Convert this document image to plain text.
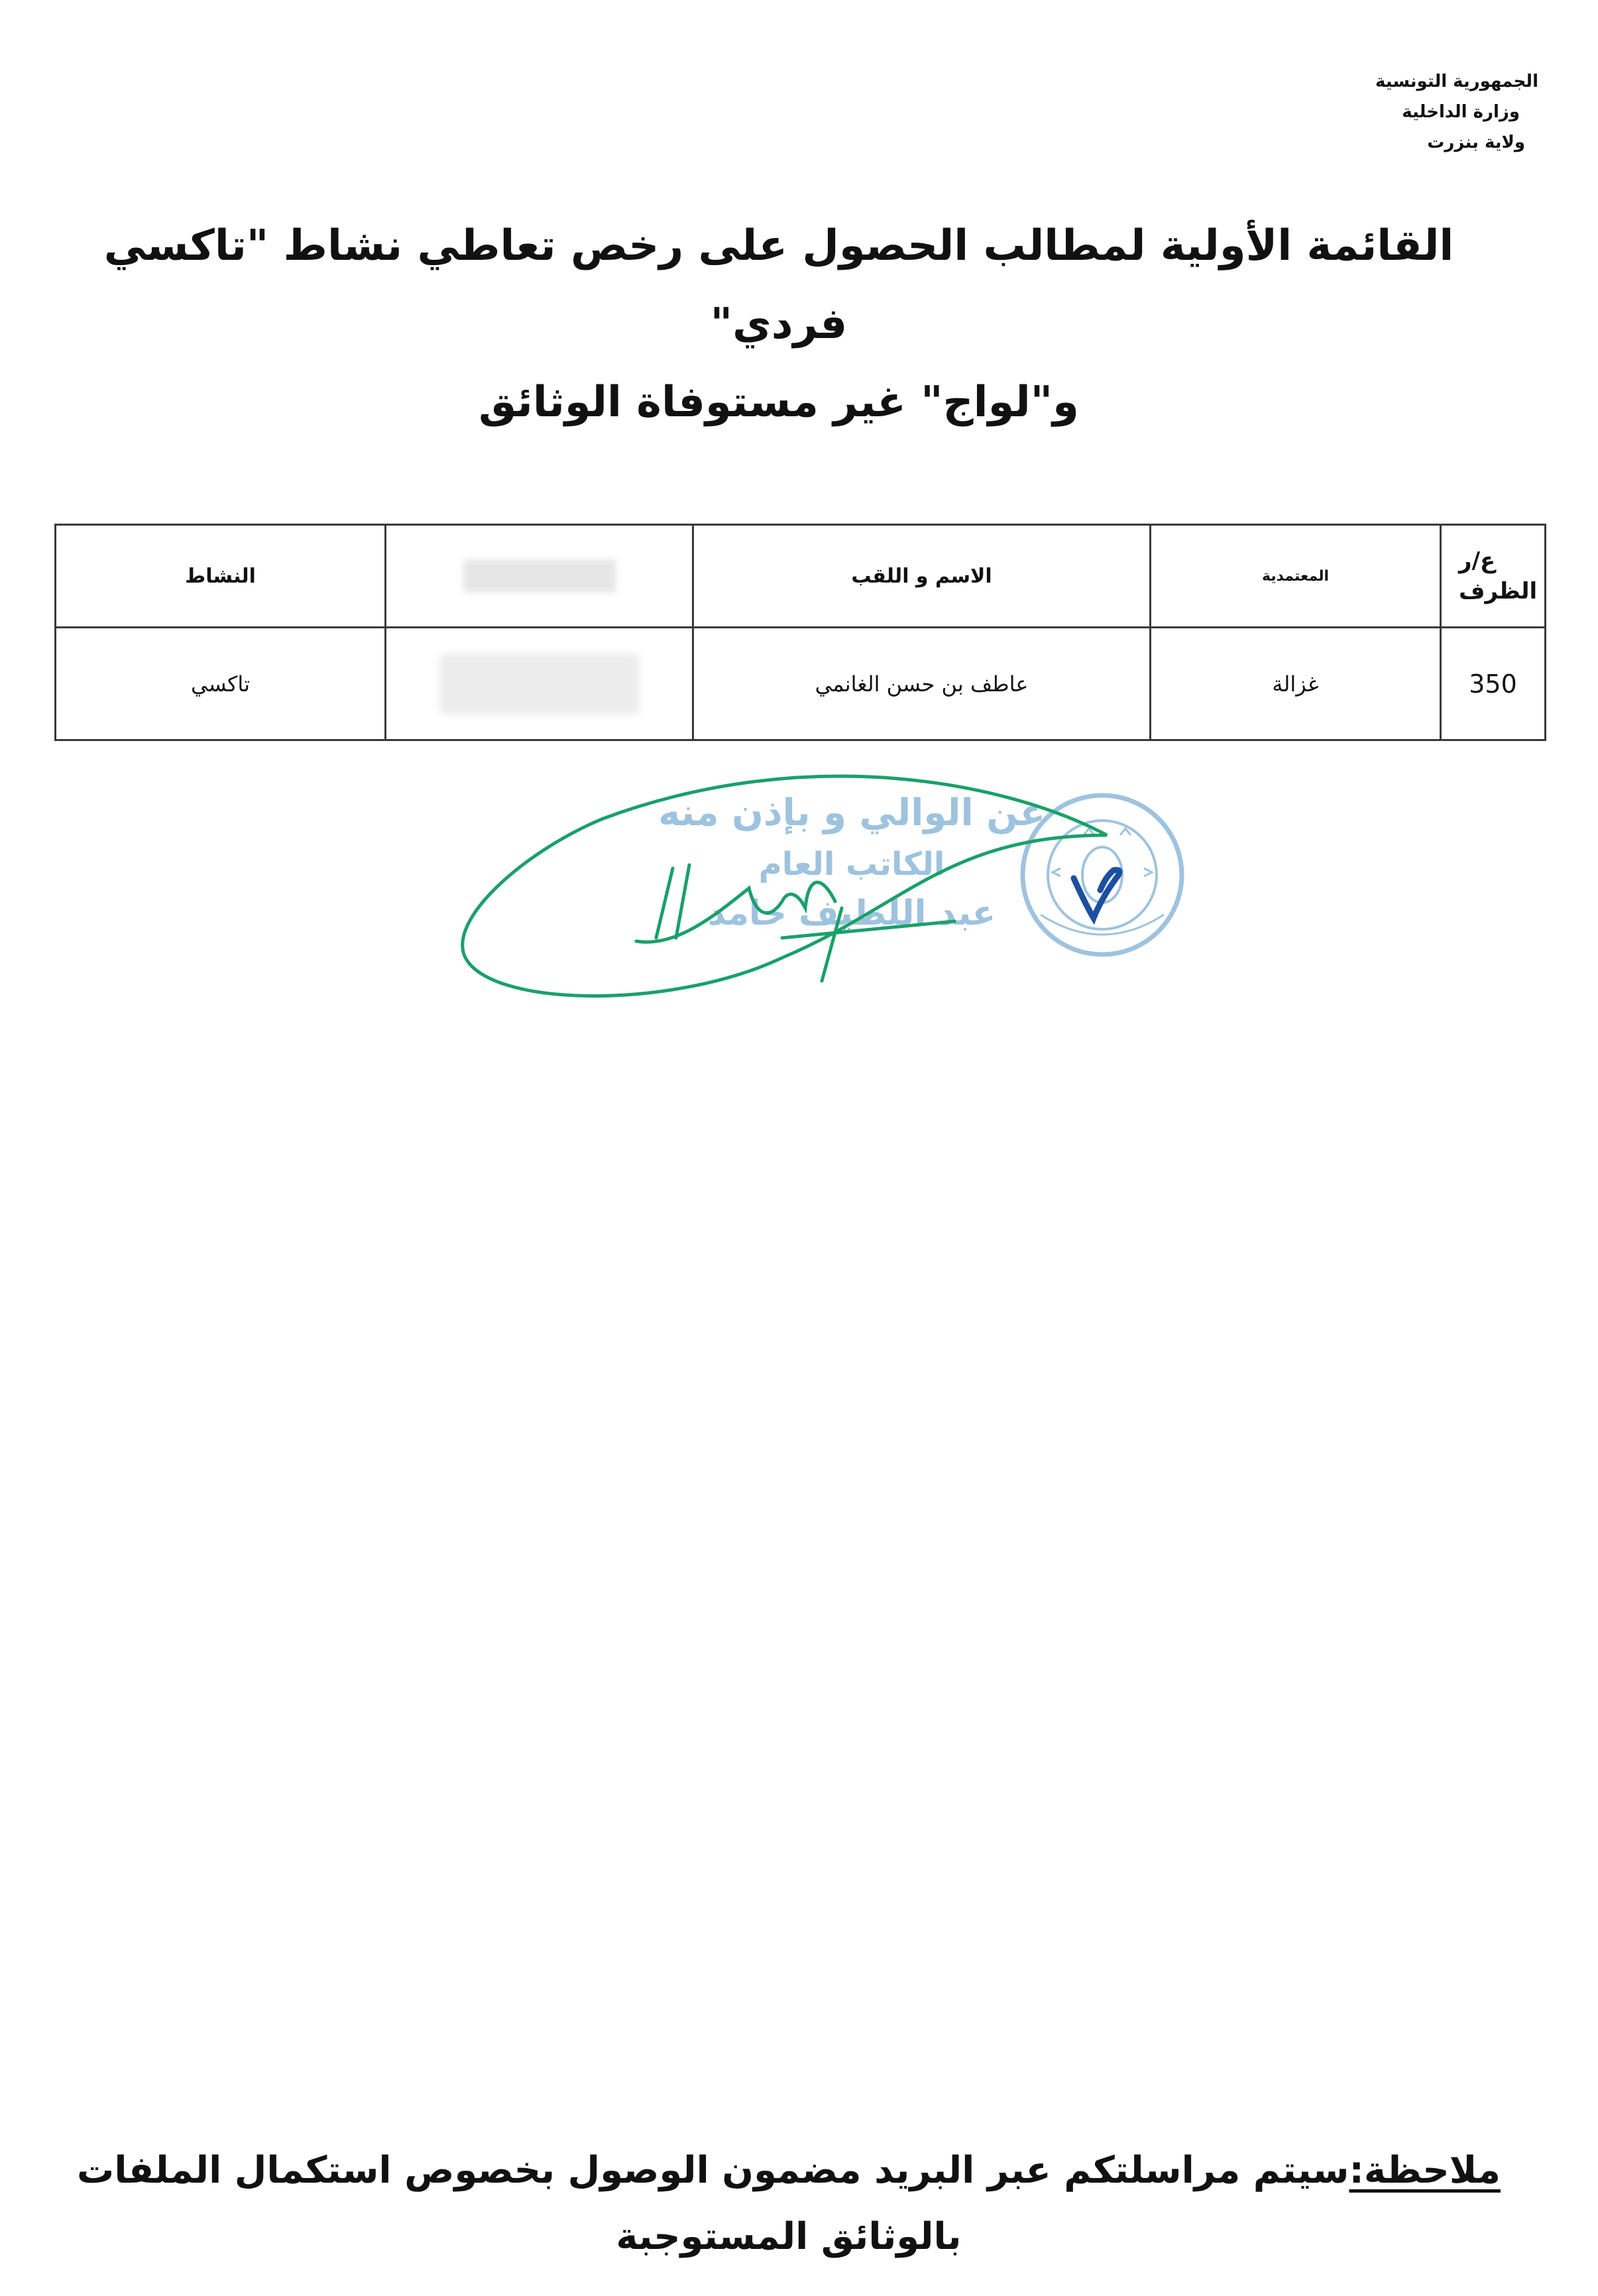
الجمهورية التونسية
وزارة الداخلية
ولاية بنزرت
القائمة الأولية لمطالب الحصول على رخص تعاطي نشاط "تاكسي فردي"
و"لواج" غير مستوفاة الوثائق
ع/ر الظرف	المعتمدية	الاسم و اللقب		النشاط
350	غزالة	عاطف بن حسن الغانمي		تاكسي
عن الوالي و بإذن منه
الكاتب العام
عبد اللطيف حامد
ملاحظة:سيتم مراسلتكم عبر البريد مضمون الوصول بخصوص استكمال الملفات بالوثائق المستوجبة
